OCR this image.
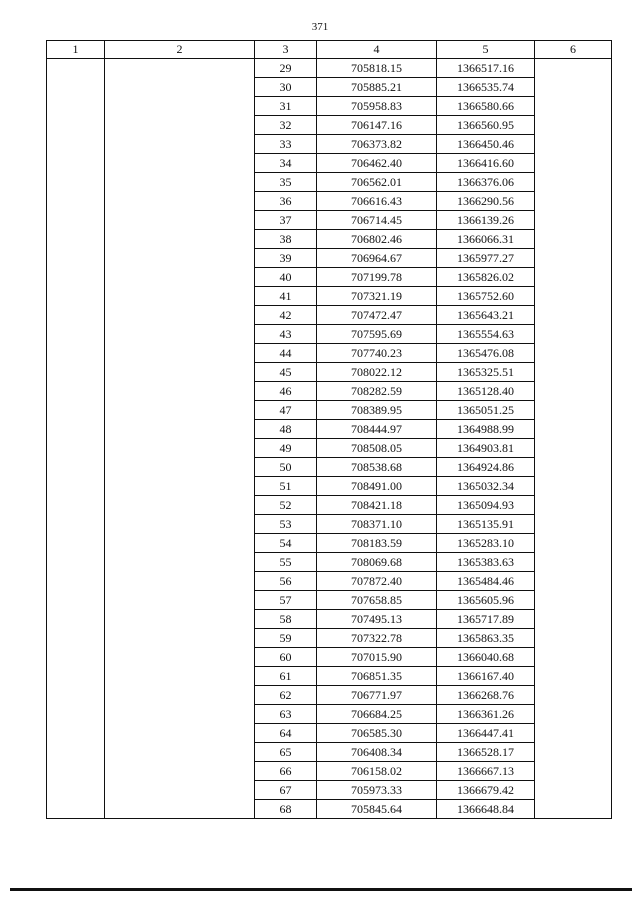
371
1	2	3	4	5	6
		29	705818.15	1366517.16	
		30	705885.21	1366535.74	
		31	705958.83	1366580.66	
		32	706147.16	1366560.95	
		33	706373.82	1366450.46	
		34	706462.40	1366416.60	
		35	706562.01	1366376.06	
		36	706616.43	1366290.56	
		37	706714.45	1366139.26	
		38	706802.46	1366066.31	
		39	706964.67	1365977.27	
		40	707199.78	1365826.02	
		41	707321.19	1365752.60	
		42	707472.47	1365643.21	
		43	707595.69	1365554.63	
		44	707740.23	1365476.08	
		45	708022.12	1365325.51	
		46	708282.59	1365128.40	
		47	708389.95	1365051.25	
		48	708444.97	1364988.99	
		49	708508.05	1364903.81	
		50	708538.68	1364924.86	
		51	708491.00	1365032.34	
		52	708421.18	1365094.93	
		53	708371.10	1365135.91	
		54	708183.59	1365283.10	
		55	708069.68	1365383.63	
		56	707872.40	1365484.46	
		57	707658.85	1365605.96	
		58	707495.13	1365717.89	
		59	707322.78	1365863.35	
		60	707015.90	1366040.68	
		61	706851.35	1366167.40	
		62	706771.97	1366268.76	
		63	706684.25	1366361.26	
		64	706585.30	1366447.41	
		65	706408.34	1366528.17	
		66	706158.02	1366667.13	
		67	705973.33	1366679.42	
		68	705845.64	1366648.84	
